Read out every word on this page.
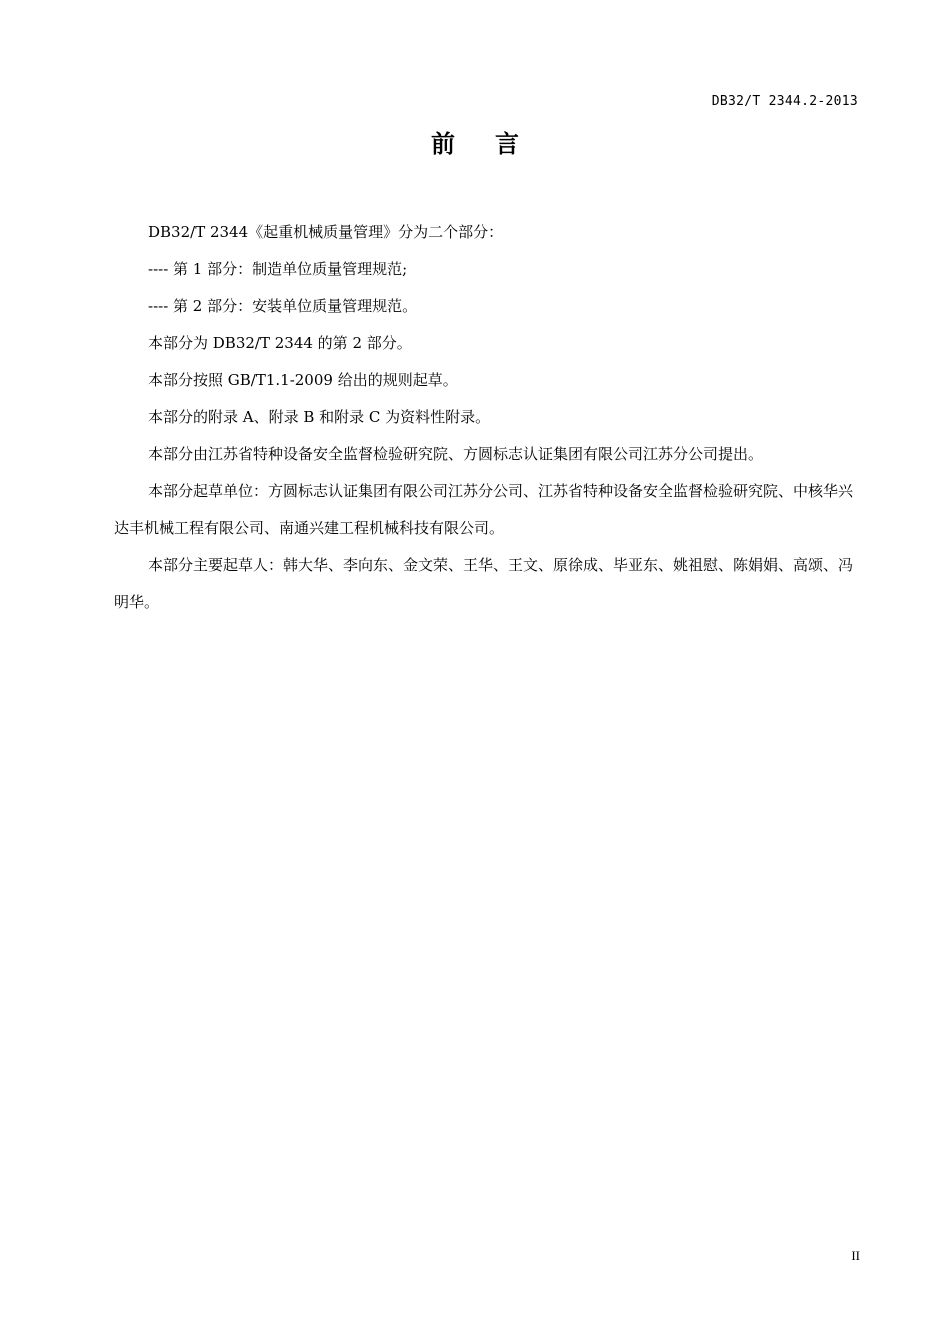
DB32/T 2344.2-2013
前言

DB32/T 2344《起重机械质量管理》分为二个部分：

---- 第 1 部分：制造单位质量管理规范;

---- 第 2 部分：安装单位质量管理规范。

本部分为 DB32/T 2344 的第 2 部分。

本部分按照 GB/T1.1-2009 给出的规则起草。

本部分的附录 A、附录 B 和附录 C 为资料性附录。

本部分由江苏省特种设备安全监督检验研究院、方圆标志认证集团有限公司江苏分公司提出。

本部分起草单位：方圆标志认证集团有限公司江苏分公司、江苏省特种设备安全监督检验研究院、中核华兴达丰机械工程有限公司、南通兴建工程机械科技有限公司。

本部分主要起草人：韩大华、李向东、金文荣、王华、王文、原徐成、毕亚东、姚祖慰、陈娟娟、高颂、冯明华。

II
